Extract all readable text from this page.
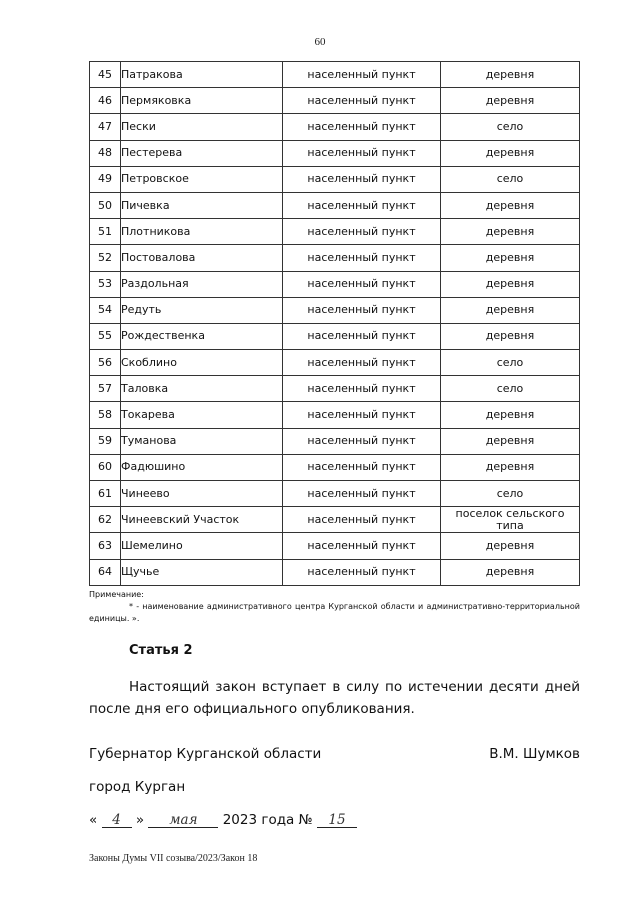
60
45	Патракова	населенный пункт	деревня
46	Пермяковка	населенный пункт	деревня
47	Пески	населенный пункт	село
48	Пестерева	населенный пункт	деревня
49	Петровское	населенный пункт	село
50	Пичевка	населенный пункт	деревня
51	Плотникова	населенный пункт	деревня
52	Постовалова	населенный пункт	деревня
53	Раздольная	населенный пункт	деревня
54	Редуть	населенный пункт	деревня
55	Рождественка	населенный пункт	деревня
56	Скоблино	населенный пункт	село
57	Таловка	населенный пункт	село
58	Токарева	населенный пункт	деревня
59	Туманова	населенный пункт	деревня
60	Фадюшино	населенный пункт	деревня
61	Чинеево	населенный пункт	село
62	Чинеевский Участок	населенный пункт	поселок сельского типа
63	Шемелино	населенный пункт	деревня
64	Щучье	населенный пункт	деревня
Примечание:
* - наименование административного центра Курганской области и административно-территориальной единицы. ».
Статья 2
Настоящий закон вступает в силу по истечении десяти дней после дня его официального опубликования.
Губернатор Курганской области	В.М. Шумков
город Курган
« 4 » мая 2023 года № 15
Законы Думы VII созыва/2023/Закон 18
